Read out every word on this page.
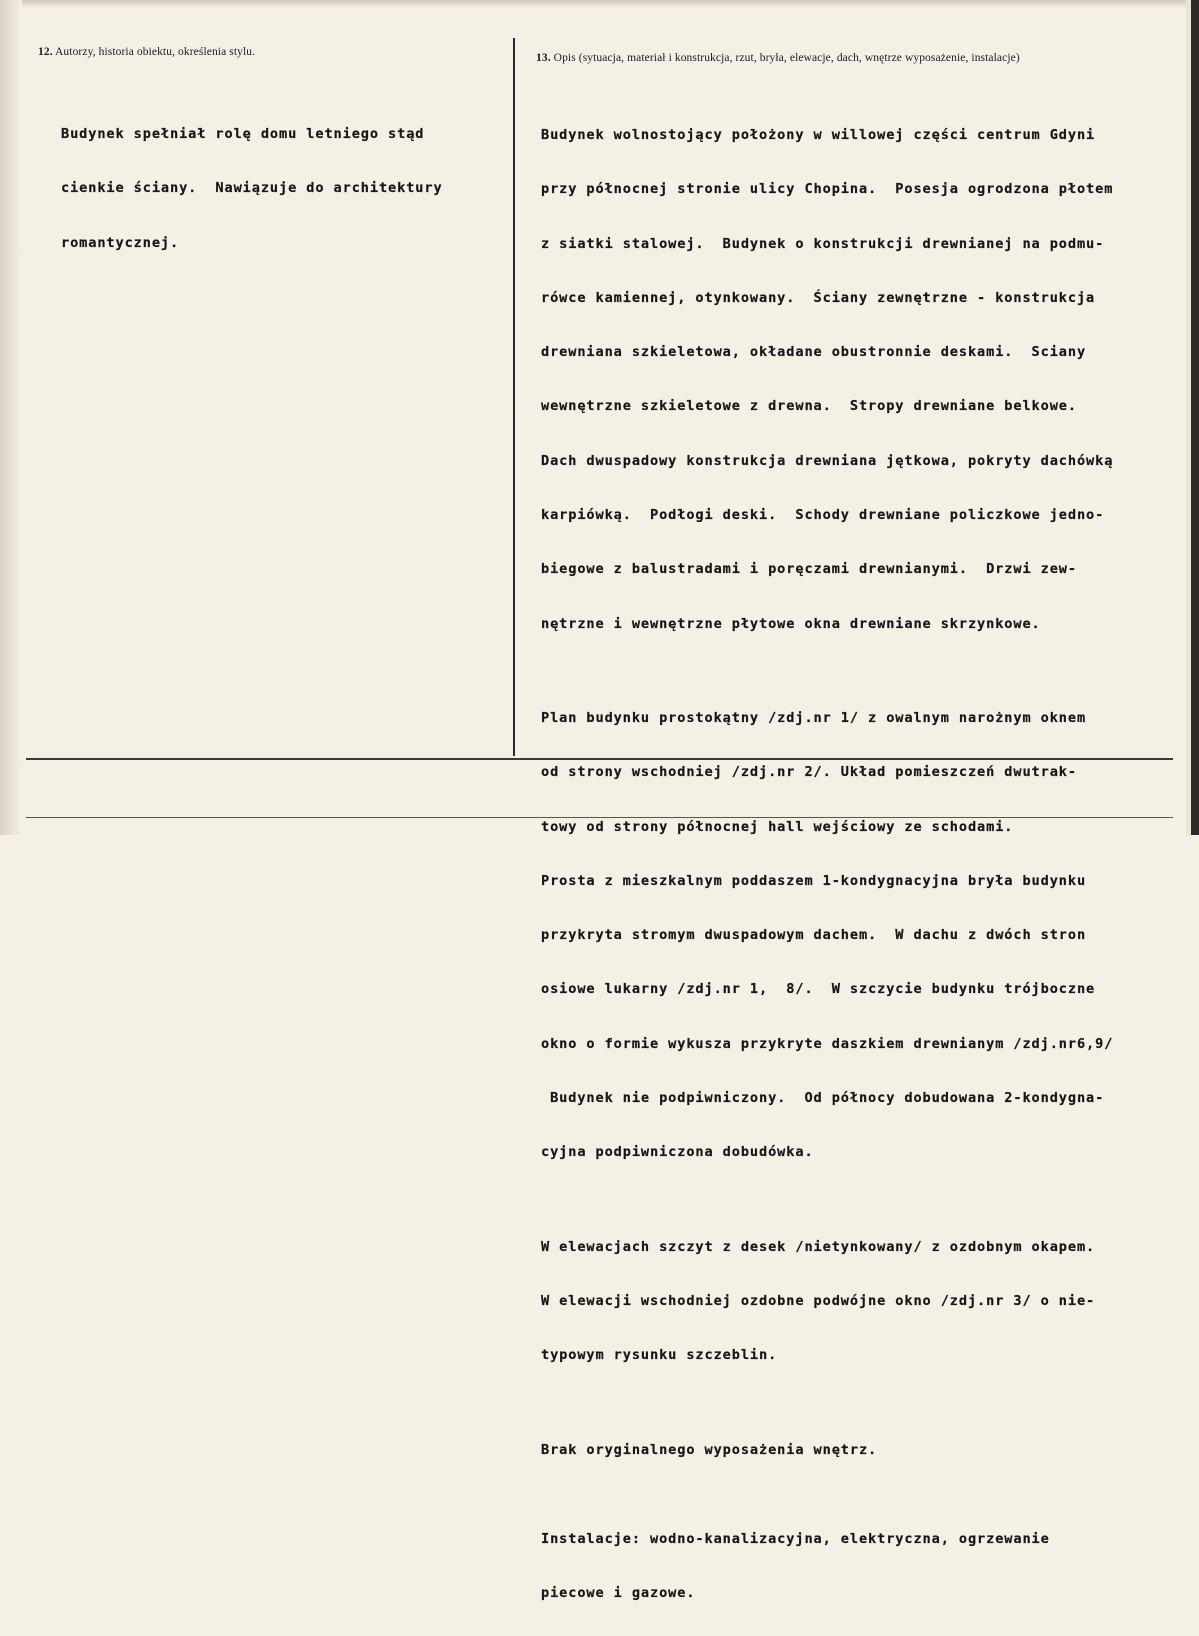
12. Autorzy, historia obiektu, określenia stylu.	13. Opis (sytuacja, materiał i konstrukcja, rzut, bryła, elewacje, dach, wnętrze wyposażenie, instalacje)

Budynek spełniał rolę domu letniego stąd

cienkie ściany.  Nawiązuje do architektury

romantycznej.

Budynek wolnostojący położony w willowej części centrum Gdyni

przy północnej stronie ulicy Chopina.  Posesja ogrodzona płotem

z siatki stalowej.  Budynek o konstrukcji drewnianej na podmu-

rówce kamiennej, otynkowany.  Ściany zewnętrzne - konstrukcja

drewniana szkieletowa, okładane obustronnie deskami.  Sciany

wewnętrzne szkieletowe z drewna.  Stropy drewniane belkowe.

Dach dwuspadowy konstrukcja drewniana jętkowa, pokryty dachówką

karpiówką.  Podłogi deski.  Schody drewniane policzkowe jedno-

biegowe z balustradami i poręczami drewnianymi.  Drzwi zew-

nętrzne i wewnętrzne płytowe okna drewniane skrzynkowe.

Plan budynku prostokątny /zdj.nr 1/ z owalnym narożnym oknem

od strony wschodniej /zdj.nr 2/. Układ pomieszczeń dwutrak-

towy od strony północnej hall wejściowy ze schodami.

Prosta z mieszkalnym poddaszem 1-kondygnacyjna bryła budynku

przykryta stromym dwuspadowym dachem.  W dachu z dwóch stron

osiowe lukarny /zdj.nr 1,  8/.  W szczycie budynku trójboczne

okno o formie wykusza przykryte daszkiem drewnianym /zdj.nr6,9/

Budynek nie podpiwniczony.  Od północy dobudowana 2-kondygna-

cyjna podpiwniczona dobudówka.

W elewacjach szczyt z desek /nietynkowany/ z ozdobnym okapem.

W elewacji wschodniej ozdobne podwójne okno /zdj.nr 3/ o nie-

typowym rysunku szczeblin.

Brak oryginalnego wyposażenia wnętrz.

Instalacje: wodno-kanalizacyjna, elektryczna, ogrzewanie

piecowe i gazowe.
